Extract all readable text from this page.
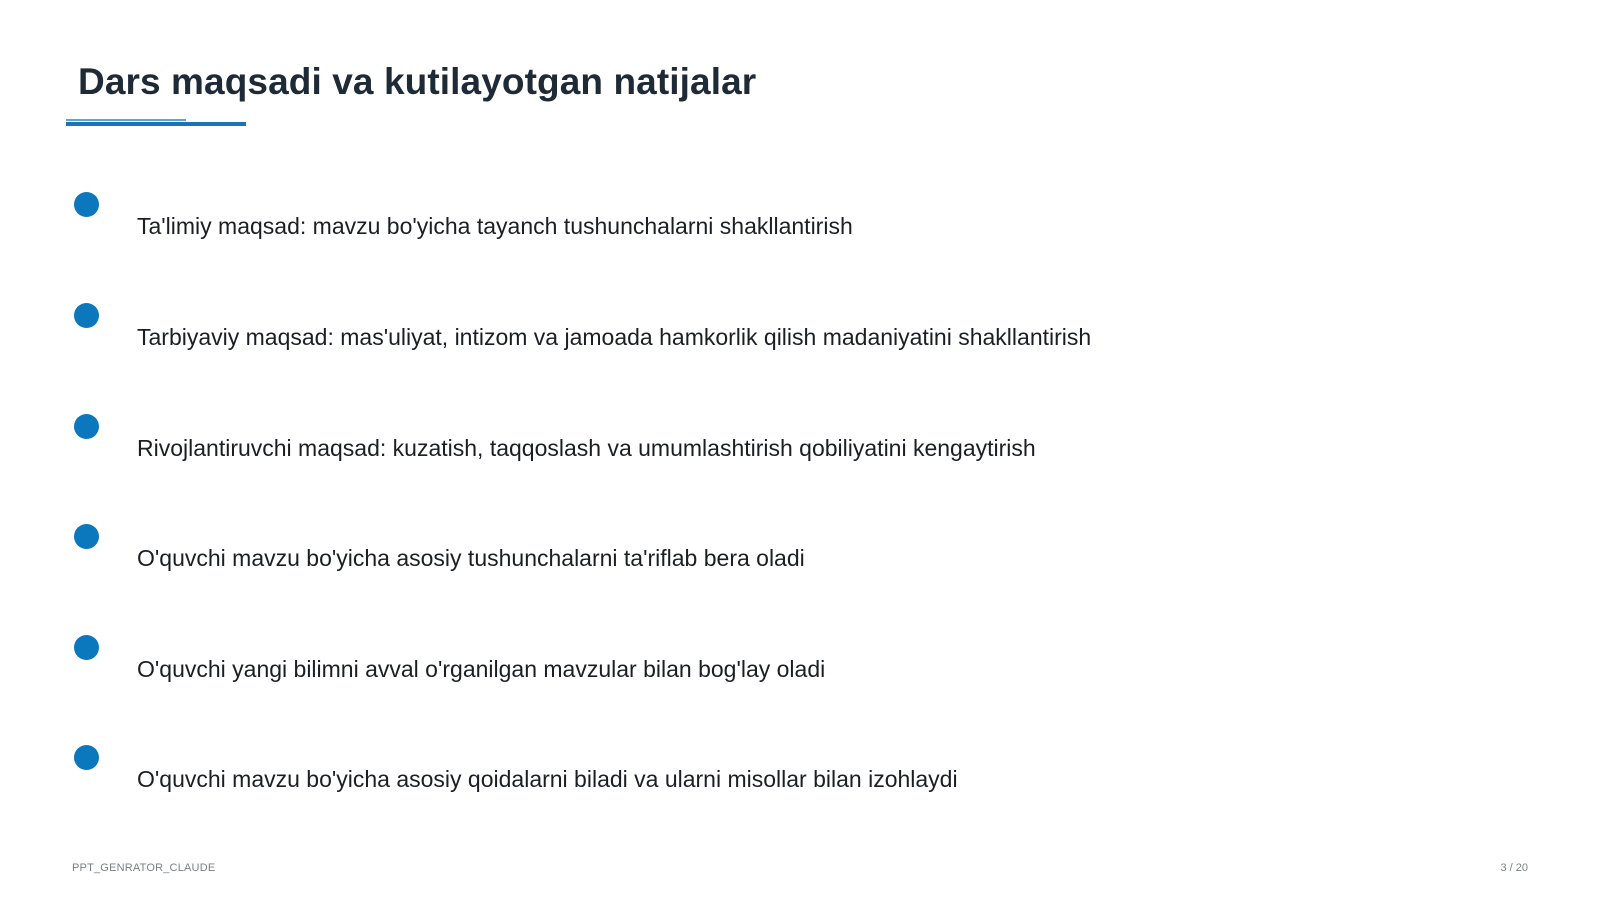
Dars maqsadi va kutilayotgan natijalar
Ta'limiy maqsad: mavzu bo'yicha tayanch tushunchalarni shakllantirish
Tarbiyaviy maqsad: mas'uliyat, intizom va jamoada hamkorlik qilish madaniyatini shakllantirish
Rivojlantiruvchi maqsad: kuzatish, taqqoslash va umumlashtirish qobiliyatini kengaytirish
O'quvchi mavzu bo'yicha asosiy tushunchalarni ta'riflab bera oladi
O'quvchi yangi bilimni avval o'rganilgan mavzular bilan bog'lay oladi
O'quvchi mavzu bo'yicha asosiy qoidalarni biladi va ularni misollar bilan izohlaydi
PPT_GENRATOR_CLAUDE	3 / 20
